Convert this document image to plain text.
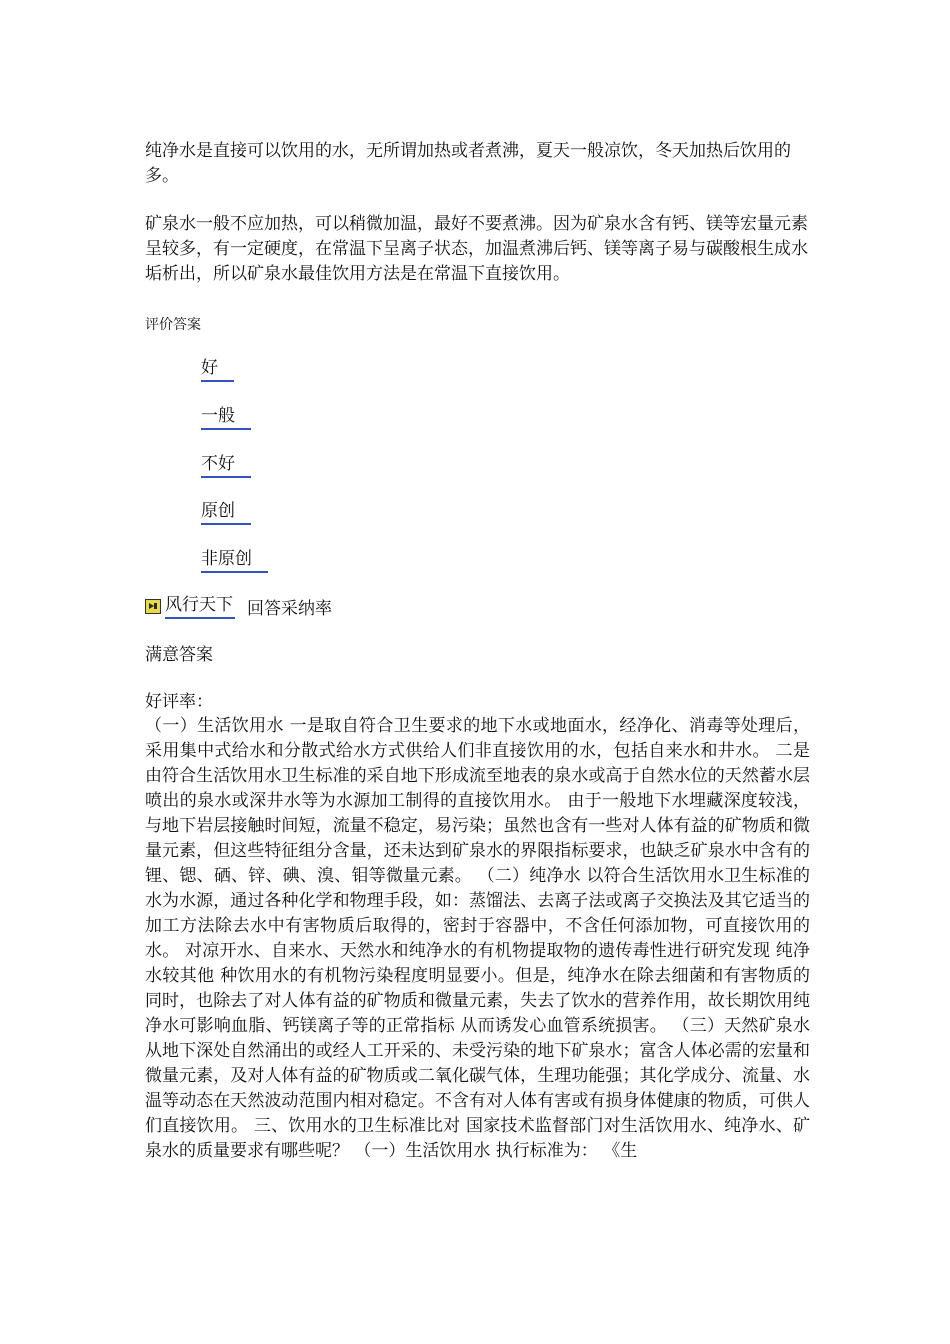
纯净水是直接可以饮用的水，无所谓加热或者煮沸，夏天一般凉饮，冬天加热后饮用的多。

矿泉水一般不应加热，可以稍微加温，最好不要煮沸。因为矿泉水含有钙、镁等宏量元素呈较多，有一定硬度，在常温下呈离子状态，加温煮沸后钙、镁等离子易与碳酸根生成水垢析出，所以矿泉水最佳饮用方法是在常温下直接饮用。

评价答案
好
一般
不好
原创
非原创
风行天下 回答采纳率
满意答案
好评率：

（一）生活饮用水 一是取自符合卫生要求的地下水或地面水，经净化、消毒等处理后，采用集中式给水和分散式给水方式供给人们非直接饮用的水，包括自来水和井水。 二是由符合生活饮用水卫生标准的采自地下形成流至地表的泉水或高于自然水位的天然蓄水层喷出的泉水或深井水等为水源加工制得的直接饮用水。 由于一般地下水埋藏深度较浅，与地下岩层接触时间短，流量不稳定，易污染；虽然也含有一些对人体有益的矿物质和微量元素，但这些特征组分含量，还未达到矿泉水的界限指标要求，也缺乏矿泉水中含有的锂、锶、硒、锌、碘、溴、钼等微量元素。 （二）纯净水 以符合生活饮用水卫生标准的水为水源，通过各种化学和物理手段，如：蒸馏法、去离子法或离子交换法及其它适当的加工方法除去水中有害物质后取得的，密封于容器中，不含任何添加物，可直接饮用的水。 对凉开水、自来水、天然水和纯净水的有机物提取物的遗传毒性进行研究发现 纯净水较其他 种饮用水的有机物污染程度明显要小。但是，纯净水在除去细菌和有害物质的同时，也除去了对人体有益的矿物质和微量元素，失去了饮水的营养作用，故长期饮用纯净水可影响血脂、钙镁离子等的正常指标 从而诱发心血管系统损害。 （三）天然矿泉水 从地下深处自然涌出的或经人工开采的、未受污染的地下矿泉水；富含人体必需的宏量和微量元素，及对人体有益的矿物质或二氧化碳气体，生理功能强；其化学成分、流量、水温等动态在天然波动范围内相对稳定。不含有对人体有害或有损身体健康的物质，可供人们直接饮用。 三、饮用水的卫生标准比对 国家技术监督部门对生活饮用水、纯净水、矿泉水的质量要求有哪些呢？ （一）生活饮用水 执行标准为： 《生
